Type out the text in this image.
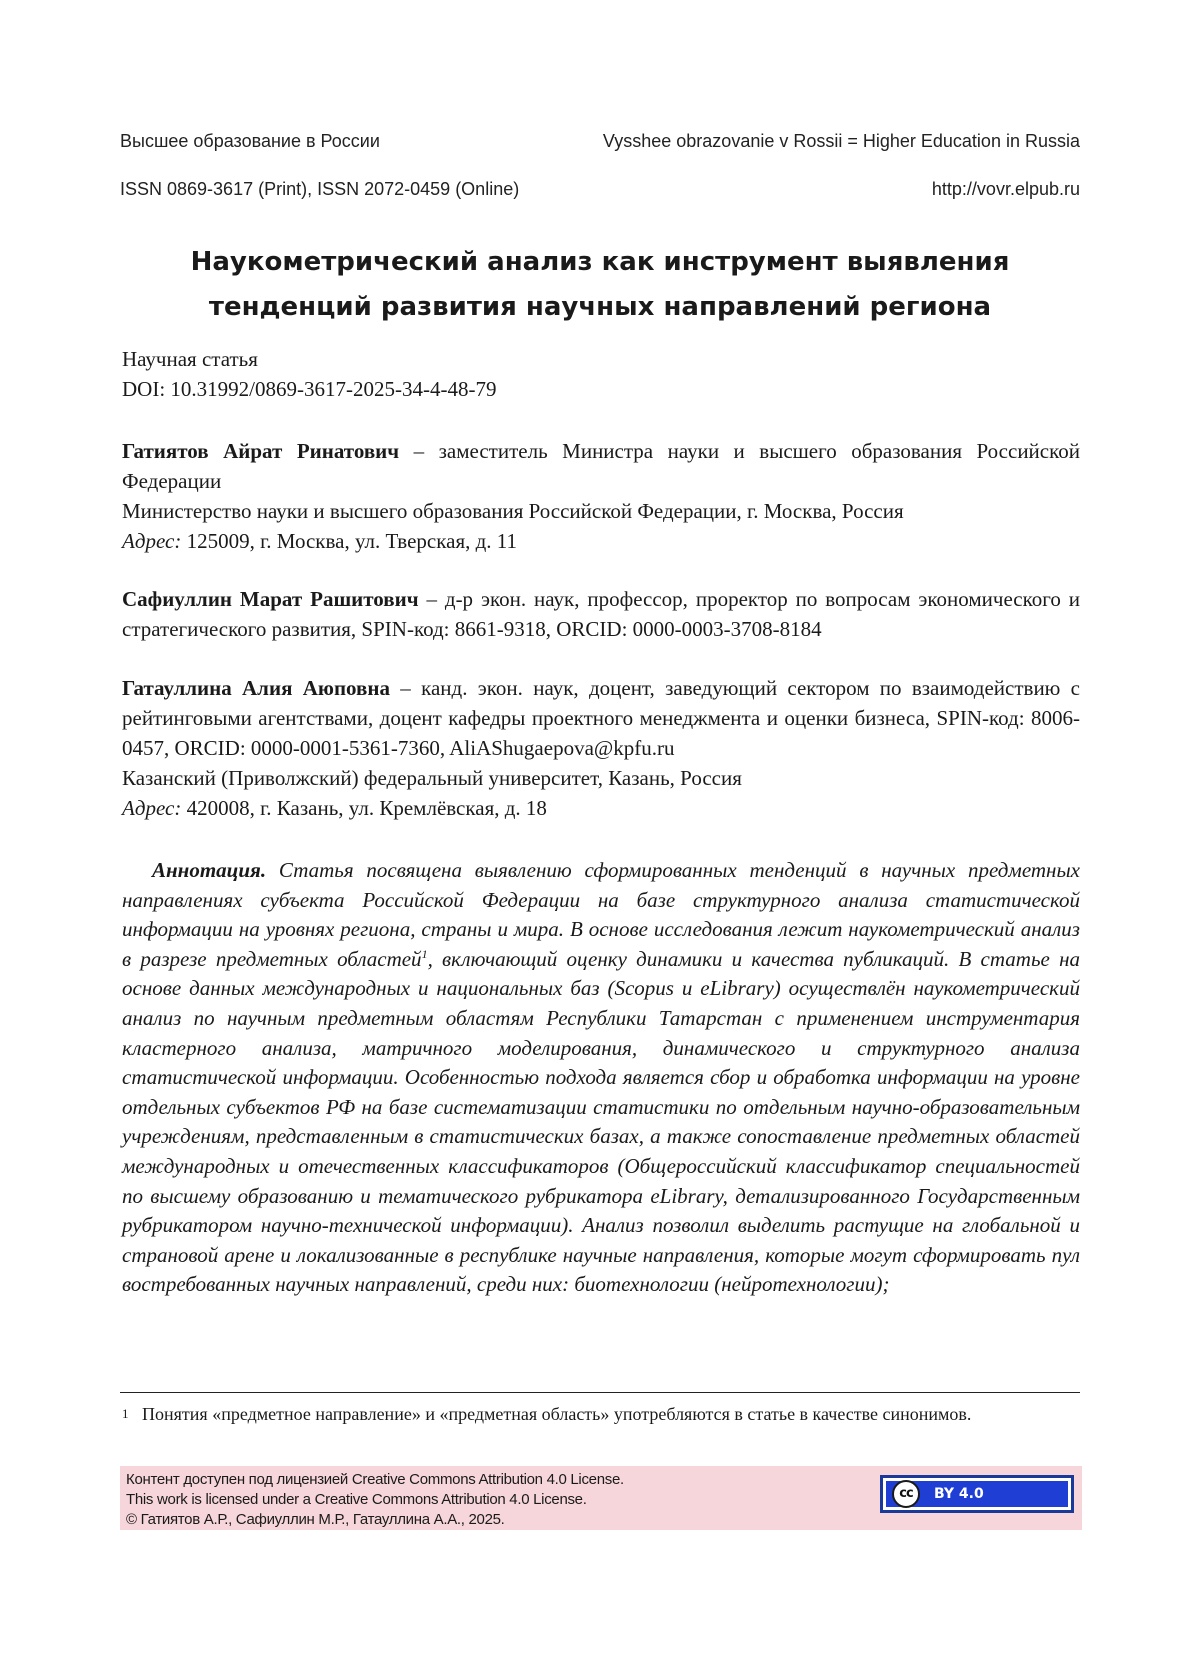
Высшее образование в России	Vysshee obrazovanie v Rossii = Higher Education in Russia
ISSN 0869-3617 (Print), ISSN 2072-0459 (Online)	http://vovr.elpub.ru
Наукометрический анализ как инструмент выявления
тенденций развития научных направлений региона

Научная статья

DOI: 10.31992/0869-3617-2025-34-4-48-79

Гатиятов Айрат Ринатович – заместитель Министра науки и высшего образования Российской Федерации

Министерство науки и высшего образования Российской Федерации, г. Москва, Россия

Адрес: 125009, г. Москва, ул. Тверская, д. 11

Сафиуллин Марат Рашитович – д-р экон. наук, профессор, проректор по вопросам экономического и стратегического развития, SPIN-код: 8661-9318, ORCID: 0000-0003-3708-8184

Гатауллина Алия Аюповна – канд. экон. наук, доцент, заведующий сектором по взаимодействию с рейтинговыми агентствами, доцент кафедры проектного менеджмента и оценки бизнеса, SPIN-код: 8006-0457, ORCID: 0000-0001-5361-7360, AliAShugaepova@kpfu.ru

Казанский (Приволжский) федеральный университет, Казань, Россия

Адрес: 420008, г. Казань, ул. Кремлёвская, д. 18

Аннотация. Статья посвящена выявлению сформированных тенденций в научных предметных направлениях субъекта Российской Федерации на базе структурного анализа статистической информации на уровнях региона, страны и мира. В основе исследования лежит наукометрический анализ в разрезе предметных областей$^1$, включающий оценку динамики и качества публикаций. В статье на основе данных международных и национальных баз (Scopus и eLibrary) осуществлён наукометрический анализ по научным предметным областям Республики Татарстан с применением инструментария кластерного анализа, матричного моделирования, динамического и структурного анализа статистической информации. Особенностью подхода является сбор и обработка информации на уровне отдельных субъектов РФ на базе систематизации статистики по отдельным научно-образовательным учреждениям, представленным в статистических базах, а также сопоставление предметных областей международных и отечественных классификаторов (Общероссийский классификатор специальностей по высшему образованию и тематического рубрикатора eLibrary, детализированного Государственным рубрикатором научно-технической информации). Анализ позволил выделить растущие на глобальной и страновой арене и локализованные в республике научные направления, которые могут сформировать пул востребованных научных направлений, среди них: биотехнологии (нейротехнологии);
1 Понятия «предметное направление» и «предметная область» употребляются в статье в качестве синонимов.
Контент доступен под лицензией Creative Commons Attribution 4.0 License.
This work is licensed under a Creative Commons Attribution 4.0 License.
© Гатиятов А.Р., Сафиуллин М.Р., Гатауллина А.А., 2025.
cc	BY 4.0
